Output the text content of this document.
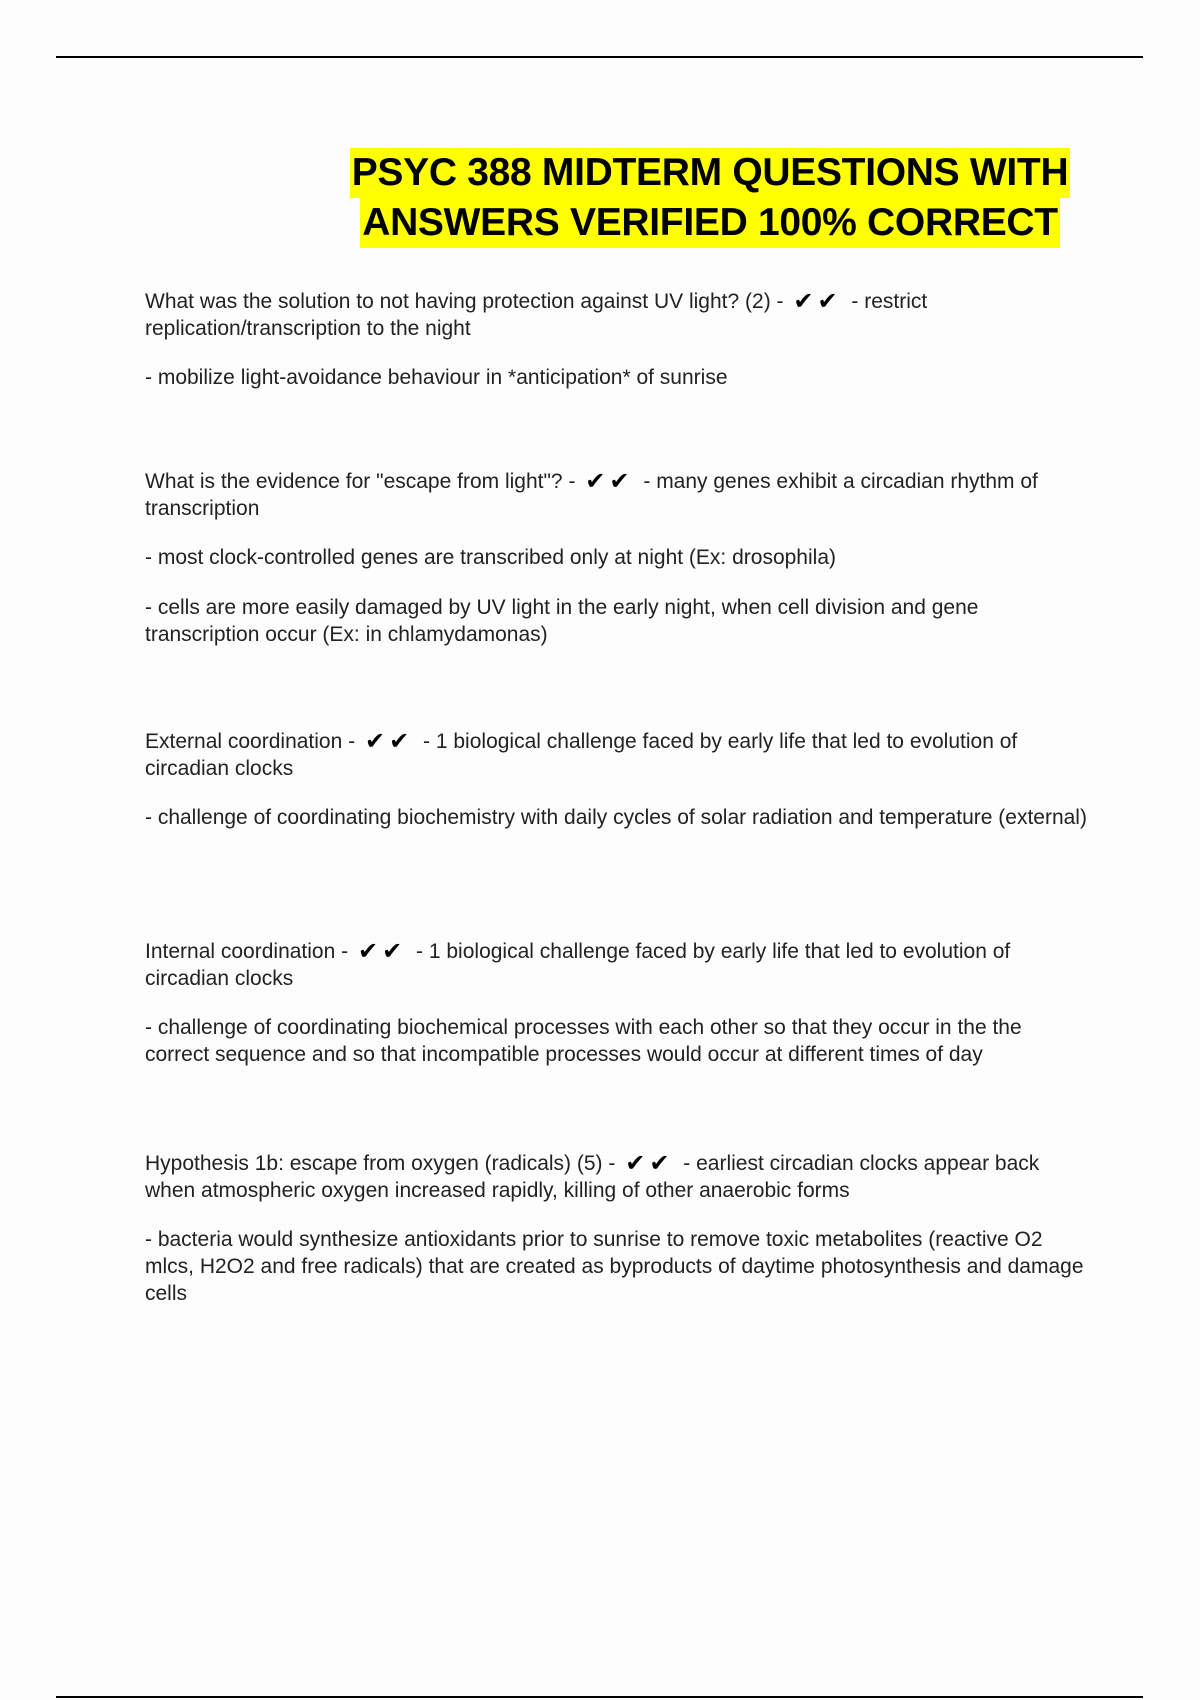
PSYC 388 MIDTERM QUESTIONS WITH
ANSWERS VERIFIED 100% CORRECT

What was the solution to not having protection against UV light? (2) - ✔✔ - restrict replication/transcription to the night

- mobilize light-avoidance behaviour in *anticipation* of sunrise

What is the evidence for "escape from light"? - ✔✔ - many genes exhibit a circadian rhythm of transcription

- most clock-controlled genes are transcribed only at night (Ex: drosophila)

- cells are more easily damaged by UV light in the early night, when cell division and gene transcription occur (Ex: in chlamydamonas)

External coordination - ✔✔ - 1 biological challenge faced by early life that led to evolution of circadian clocks

- challenge of coordinating biochemistry with daily cycles of solar radiation and temperature (external)

Internal coordination - ✔✔ - 1 biological challenge faced by early life that led to evolution of circadian clocks

- challenge of coordinating biochemical processes with each other so that they occur in the the correct sequence and so that incompatible processes would occur at different times of day

Hypothesis 1b: escape from oxygen (radicals) (5) - ✔✔ - earliest circadian clocks appear back when atmospheric oxygen increased rapidly, killing of other anaerobic forms

- bacteria would synthesize antioxidants prior to sunrise to remove toxic metabolites (reactive O2 mlcs, H2O2 and free radicals) that are created as byproducts of daytime photosynthesis and damage cells
